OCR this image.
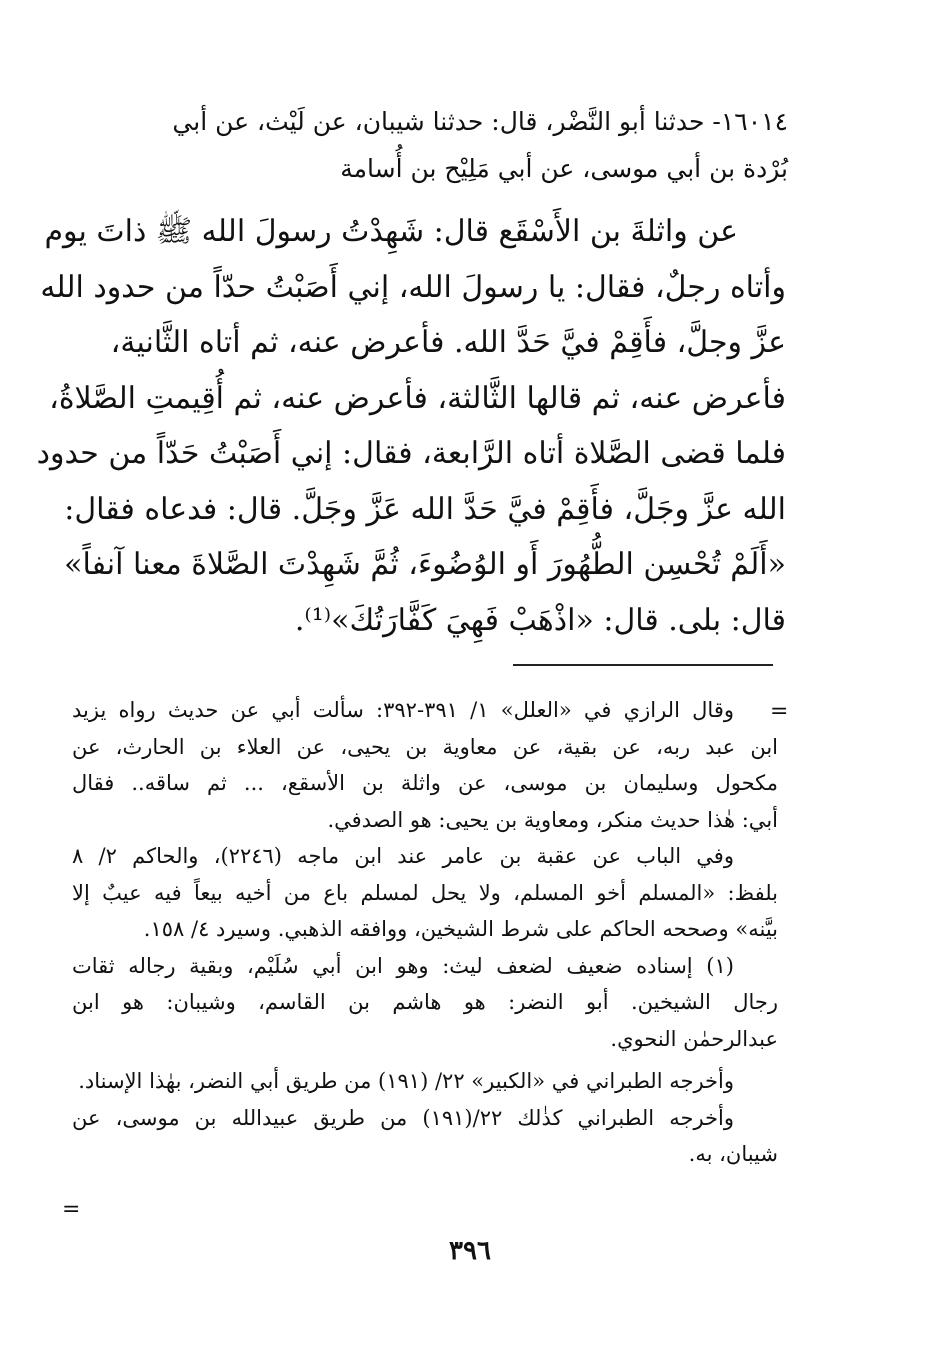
١٦٠١٤- حدثنا أبو النَّضْر، قال: حدثنا شيبان، عن لَيْث، عن أبي
بُرْدة بن أبي موسى، عن أبي مَلِيْح بن أُسامة
عن واثلةَ بن الأَسْقَع قال: شَهِدْتُ رسولَ الله ﷺ ذاتَ يوم
وأتاه رجلٌ، فقال: يا رسولَ الله، إني أَصَبْتُ حدّاً من حدود الله
عزَّ وجلَّ، فأَقِمْ فيَّ حَدَّ الله. فأعرض عنه، ثم أتاه الثَّانية،
فأعرض عنه، ثم قالها الثَّالثة، فأعرض عنه، ثم أُقِيمتِ الصَّلاةُ،
فلما قضى الصَّلاة أتاه الرَّابعة، فقال: إني أَصَبْتُ حَدّاً من حدود
الله عزَّ وجَلَّ، فأَقِمْ فيَّ حَدَّ الله عَزَّ وجَلَّ. قال: فدعاه فقال:
«أَلَمْ تُحْسِن الطُّهُورَ أَو الوُضُوءَ، ثُمَّ شَهِدْتَ الصَّلاةَ معنا آنفاً»
قال: بلى. قال: «اذْهَبْ فَهِيَ كَفَّارَتُكَ»⁽¹⁾.
=
وقال الرازي في «العلل» ١/ ٣٩١-٣٩٢: سألت أبي عن حديث رواه يزيد
ابن عبد ربه، عن بقية، عن معاوية بن يحيى، عن العلاء بن الحارث، عن
مكحول وسليمان بن موسى، عن واثلة بن الأسقع، ... ثم ساقه.. فقال
أبي: هٰذا حديث منكر، ومعاوية بن يحيى: هو الصدفي.
وفي الباب عن عقبة بن عامر عند ابن ماجه (٢٢٤٦)، والحاكم ٢/ ٨
بلفظ: «المسلم أخو المسلم، ولا يحل لمسلم باع من أخيه بيعاً فيه عيبٌ إلا
بيَّنه» وصححه الحاكم على شرط الشيخين، ووافقه الذهبي. وسيرد ٤/ ١٥٨.
(١) إسناده ضعيف لضعف ليث: وهو ابن أبي سُلَيْم، وبقية رجاله ثقات
رجال الشيخين. أبو النضر: هو هاشم بن القاسم، وشيبان: هو ابن
عبدالرحمٰن النحوي.
وأخرجه الطبراني في «الكبير» ٢٢/ (١٩١) من طريق أبي النضر، بهٰذا الإسناد.
وأخرجه الطبراني كذٰلك ٢٢/(١٩١) من طريق عبيدالله بن موسى، عن
شيبان، به.
=
٣٩٦
